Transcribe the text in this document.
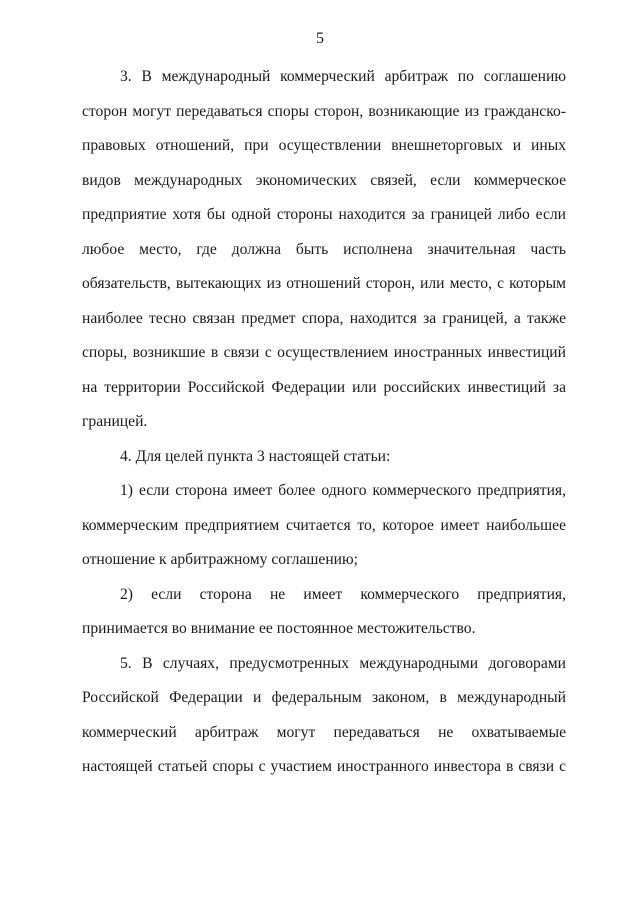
5

3. В международный коммерческий арбитраж по соглашению сторон могут передаваться споры сторон, возникающие из гражданско-правовых отношений, при осуществлении внешнеторговых и иных видов международных экономических связей, если коммерческое предприятие хотя бы одной стороны находится за границей либо если любое место, где должна быть исполнена значительная часть обязательств, вытекающих из отношений сторон, или место, с которым наиболее тесно связан предмет спора, находится за границей, а также споры, возникшие в связи с осуществлением иностранных инвестиций на территории Российской Федерации или российских инвестиций за границей.

4. Для целей пункта 3 настоящей статьи:

1) если сторона имеет более одного коммерческого предприятия, коммерческим предприятием считается то, которое имеет наибольшее отношение к арбитражному соглашению;

2) если сторона не имеет коммерческого предприятия, принимается во внимание ее постоянное местожительство.

5. В случаях, предусмотренных международными договорами Российской Федерации и федеральным законом, в международный коммерческий арбитраж могут передаваться не охватываемые настоящей статьей споры с участием иностранного инвестора в связи с
